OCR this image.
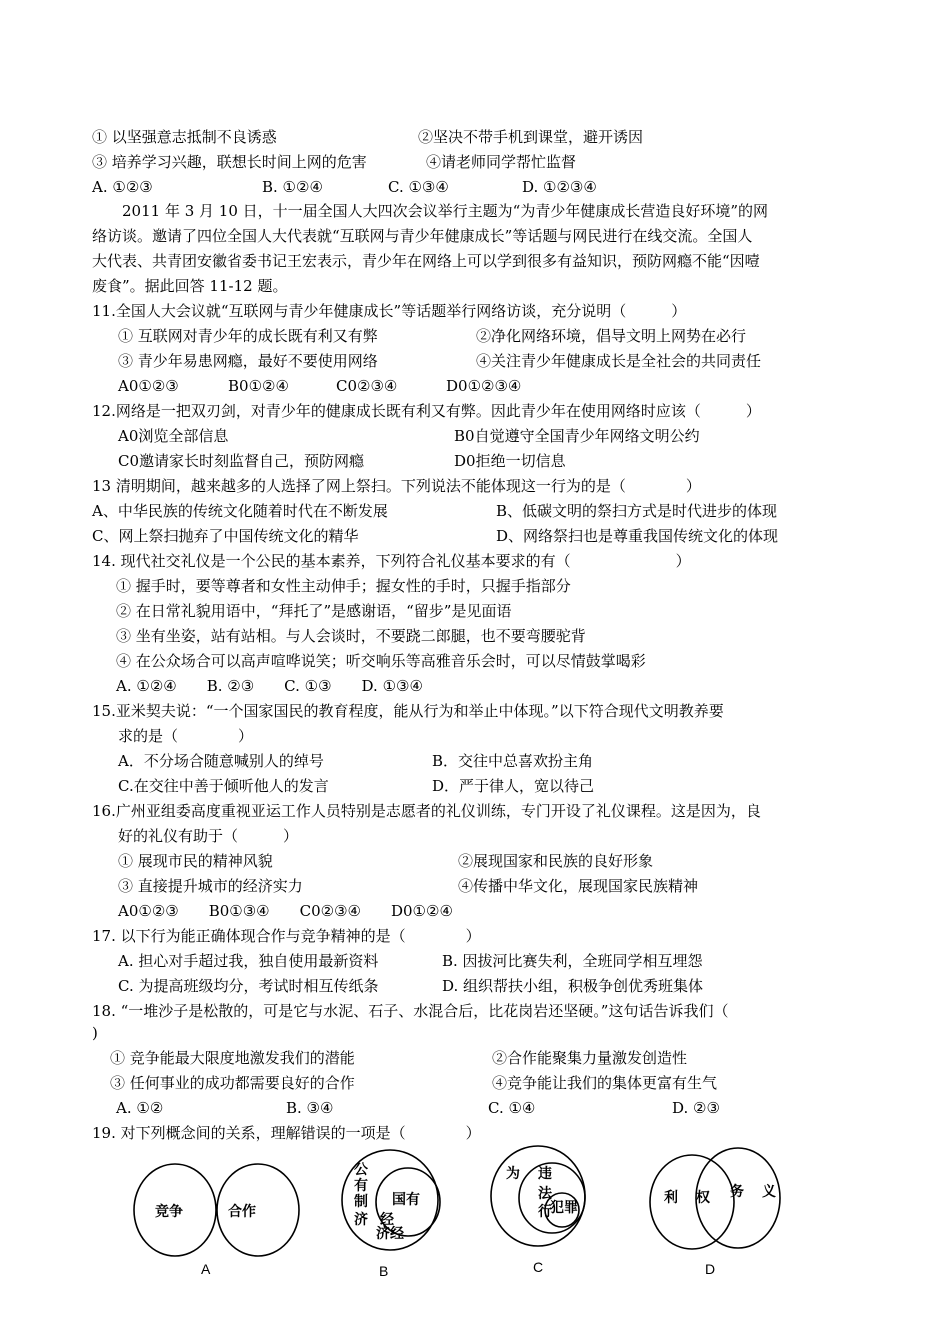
① 以坚强意志抵制不良诱惑	②坚决不带手机到课堂，避开诱因
③ 培养学习兴趣，联想长时间上网的危害	④请老师同学帮忙监督
A. ①②③	B. ①②④	C. ①③④	D. ①②③④
　　2011 年 3 月 10 日，十一届全国人大四次会议举行主题为“为青少年健康成长营造良好环境”的网
络访谈。邀请了四位全国人大代表就“互联网与青少年健康成长”等话题与网民进行在线交流。全国人
大代表、共青团安徽省委书记王宏表示，青少年在网络上可以学到很多有益知识，预防网瘾不能“因噎
废食”。据此回答 11-12 题。
11.全国人大会议就“互联网与青少年健康成长”等话题举行网络访谈，充分说明（　　　）
① 互联网对青少年的成长既有利又有弊	②净化网络环境，倡导文明上网势在必行
③ 青少年易患网瘾，最好不要使用网络	④关注青少年健康成长是全社会的共同责任
A0①②③	B0①②④	C0②③④	D0①②③④
12.网络是一把双刃剑，对青少年的健康成长既有利又有弊。因此青少年在使用网络时应该（　　　）
A0浏览全部信息	B0自觉遵守全国青少年网络文明公约
C0邀请家长时刻监督自己，预防网瘾	D0拒绝一切信息
13 清明期间，越来越多的人选择了网上祭扫。下列说法不能体现这一行为的是（　　　　）
A、中华民族的传统文化随着时代在不断发展	B、低碳文明的祭扫方式是时代进步的体现
C、网上祭扫抛弃了中国传统文化的精华	D、网络祭扫也是尊重我国传统文化的体现
14. 现代社交礼仪是一个公民的基本素养，下列符合礼仪基本要求的有（　　　　　　　）
① 握手时，要等尊者和女性主动伸手；握女性的手时，只握手指部分
② 在日常礼貌用语中，“拜托了”是感谢语，“留步”是见面语
③ 坐有坐姿，站有站相。与人会谈时，不要跷二郎腿，也不要弯腰驼背
④ 在公众场合可以高声喧哗说笑；听交响乐等高雅音乐会时，可以尽情鼓掌喝彩
A. ①②④　　B. ②③　　C. ①③　　D. ①③④
15.亚米契夫说：“一个国家国民的教育程度，能从行为和举止中体现。”以下符合现代文明教养要
求的是（　　　　）
A．不分场合随意喊别人的绰号	B．交往中总喜欢扮主角
C.在交往中善于倾听他人的发言	D．严于律人，宽以待己
16.广州亚组委高度重视亚运工作人员特别是志愿者的礼仪训练，专门开设了礼仪课程。这是因为，良
好的礼仪有助于（　　　）
① 展现市民的精神风貌	②展现国家和民族的良好形象
③ 直接提升城市的经济实力	④传播中华文化，展现国家民族精神
A0①②③　　B0①③④　　C0②③④　　D0①②④
17. 以下行为能正确体现合作与竞争精神的是（　　　　）
A. 担心对手超过我，独自使用最新资料	B. 因拔河比赛失利，全班同学相互埋怨
C. 为提高班级均分，考试时相互传纸条	D. 组织帮扶小组，积极争创优秀班集体
18. “一堆沙子是松散的，可是它与水泥、石子、水混合后，比花岗岩还坚硬。”这句话告诉我们（
)
① 竞争能最大限度地激发我们的潜能	②合作能聚集力量激发创造性
③ 任何事业的成功都需要良好的合作	④竞争能让我们的集体更富有生气
A. ①②	B. ③④	C. ①④	D. ②③
19. 对下列概念间的关系，理解错误的一项是（　　　　）
竞争	合作
公
有
制
济 经
国有
济经
为 违
法
行
犯罪
利 权 务 义
A	B	C	D
